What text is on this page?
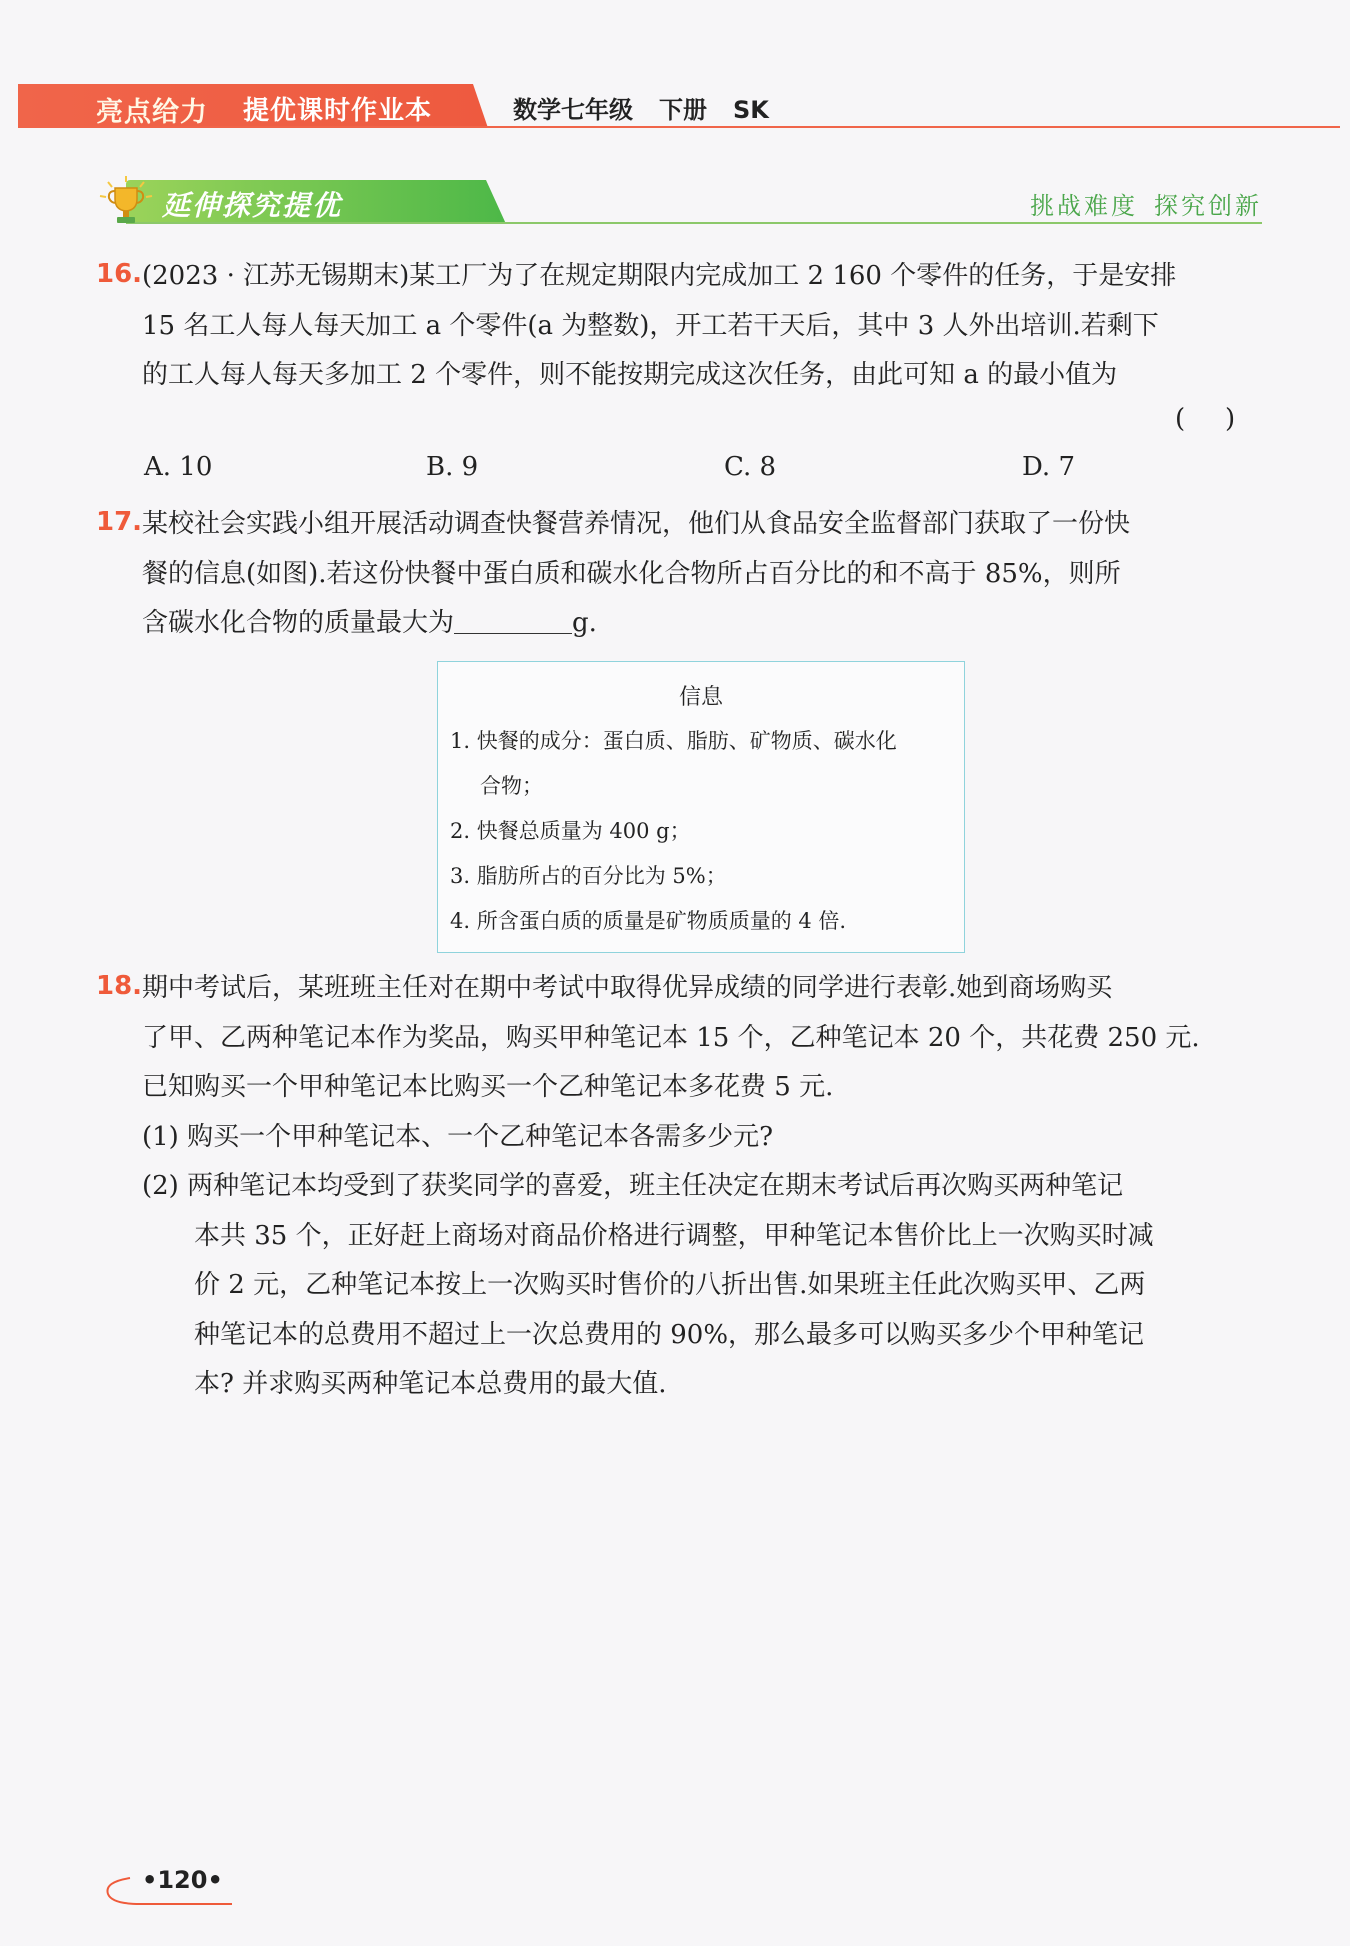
亮点给力 提优课时作业本	数学七年级 下册 SK
延伸探究提优	挑战难度 探究创新
16. (2023 · 江苏无锡期末)某工厂为了在规定期限内完成加工 2 160 个零件的任务，于是安排
15 名工人每人每天加工 a 个零件(a 为整数)，开工若干天后，其中 3 人外出培训.若剩下
的工人每人每天多加工 2 个零件，则不能按期完成这次任务，由此可知 a 的最小值为
( )
A. 10	B. 9	C. 8	D. 7
17. 某校社会实践小组开展活动调查快餐营养情况，他们从食品安全监督部门获取了一份快
餐的信息(如图).若这份快餐中蛋白质和碳水化合物所占百分比的和不高于 85%，则所
含碳水化合物的质量最大为	g.
信息
1. 快餐的成分：蛋白质、脂肪、矿物质、碳水化
合物；
2. 快餐总质量为 400 g；
3. 脂肪所占的百分比为 5%；
4. 所含蛋白质的质量是矿物质质量的 4 倍.
18. 期中考试后，某班班主任对在期中考试中取得优异成绩的同学进行表彰.她到商场购买
了甲、乙两种笔记本作为奖品，购买甲种笔记本 15 个，乙种笔记本 20 个，共花费 250 元.
已知购买一个甲种笔记本比购买一个乙种笔记本多花费 5 元.
(1) 购买一个甲种笔记本、一个乙种笔记本各需多少元?
(2) 两种笔记本均受到了获奖同学的喜爱，班主任决定在期末考试后再次购买两种笔记
本共 35 个，正好赶上商场对商品价格进行调整，甲种笔记本售价比上一次购买时减
价 2 元，乙种笔记本按上一次购买时售价的八折出售.如果班主任此次购买甲、乙两
种笔记本的总费用不超过上一次总费用的 90%，那么最多可以购买多少个甲种笔记
本? 并求购买两种笔记本总费用的最大值.
•120•
